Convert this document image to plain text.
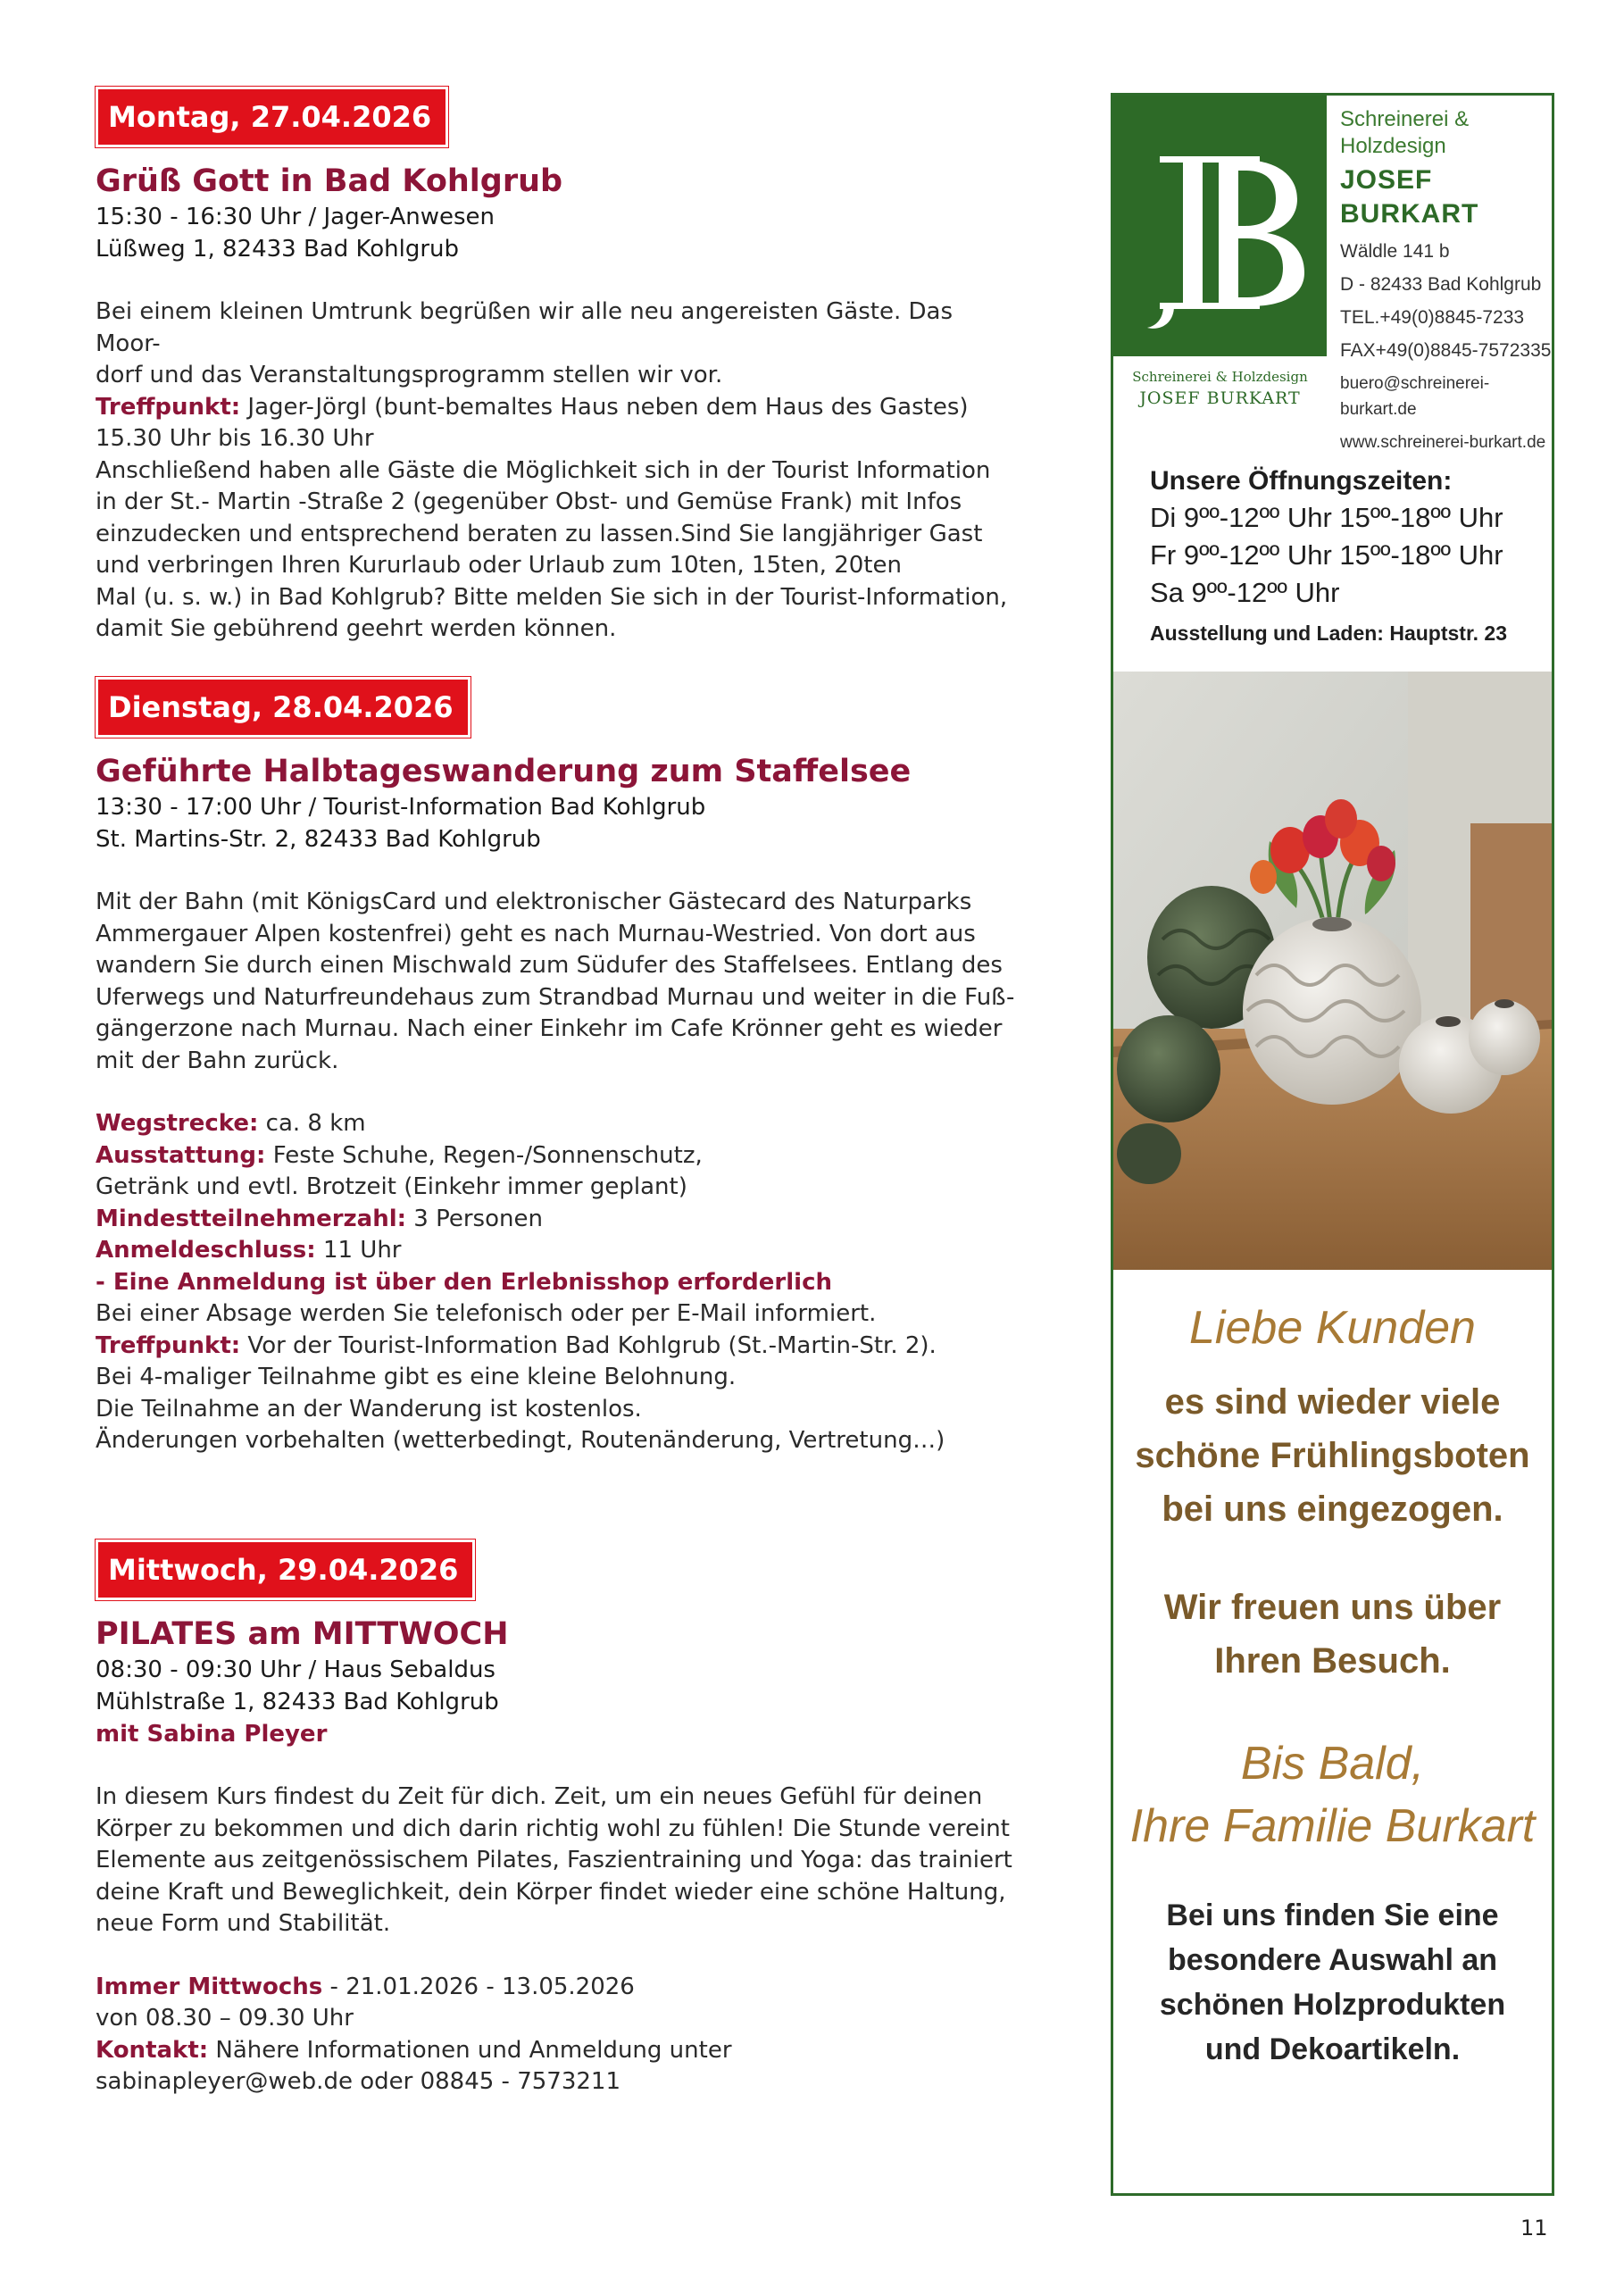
Montag, 27.04.2026
Grüß Gott in Bad Kohlgrub
15:30 - 16:30 Uhr / Jager-Anwesen
Lüßweg 1, 82433 Bad Kohlgrub
Bei einem kleinen Umtrunk begrüßen wir alle neu angereisten Gäste. Das Moor-
dorf und das Veranstaltungsprogramm stellen wir vor.
Treffpunkt: Jager-Jörgl (bunt-bemaltes Haus neben dem Haus des Gastes)
15.30 Uhr bis 16.30 Uhr
Anschließend haben alle Gäste die Möglichkeit sich in der Tourist Information
in der St.- Martin -Straße 2 (gegenüber Obst- und Gemüse Frank) mit Infos
einzudecken und entsprechend beraten zu lassen.Sind Sie langjähriger Gast
und verbringen Ihren Kururlaub oder Urlaub zum 10ten, 15ten, 20ten
Mal (u. s. w.) in Bad Kohlgrub? Bitte melden Sie sich in der Tourist-Information,
damit Sie gebührend geehrt werden können.
Dienstag, 28.04.2026
Geführte Halbtageswanderung zum Staffelsee
13:30 - 17:00 Uhr / Tourist-Information Bad Kohlgrub
St. Martins-Str. 2, 82433 Bad Kohlgrub
Mit der Bahn (mit KönigsCard und elektronischer Gästecard des Naturparks
Ammergauer Alpen kostenfrei) geht es nach Murnau-Westried. Von dort aus
wandern Sie durch einen Mischwald zum Südufer des Staffelsees. Entlang des
Uferwegs und Naturfreundehaus zum Strandbad Murnau und weiter in die Fuß-
gängerzone nach Murnau. Nach einer Einkehr im Cafe Krönner geht es wieder
mit der Bahn zurück.
Wegstrecke: ca. 8 km
Ausstattung: Feste Schuhe, Regen-/Sonnenschutz,
Getränk und evtl. Brotzeit (Einkehr immer geplant)
Mindestteilnehmerzahl: 3 Personen
Anmeldeschluss: 11 Uhr
- Eine Anmeldung ist über den Erlebnisshop erforderlich
Bei einer Absage werden Sie telefonisch oder per E-Mail informiert.
Treffpunkt: Vor der Tourist-Information Bad Kohlgrub (St.-Martin-Str. 2).
Bei 4-maliger Teilnahme gibt es eine kleine Belohnung.
Die Teilnahme an der Wanderung ist kostenlos.
Änderungen vorbehalten (wetterbedingt, Routenänderung, Vertretung…)
Mittwoch, 29.04.2026
PILATES am MITTWOCH
08:30 - 09:30 Uhr / Haus Sebaldus
Mühlstraße 1, 82433 Bad Kohlgrub
mit Sabina Pleyer
In diesem Kurs findest du Zeit für dich. Zeit, um ein neues Gefühl für deinen
Körper zu bekommen und dich darin richtig wohl zu fühlen! Die Stunde vereint
Elemente aus zeitgenössischem Pilates, Faszientraining und Yoga: das trainiert
deine Kraft und Beweglichkeit, dein Körper findet wieder eine schöne Haltung,
neue Form und Stabilität.
Immer Mittwochs - 21.01.2026 - 13.05.2026
von 08.30 – 09.30 Uhr
Kontakt: Nähere Informationen und Anmeldung unter
sabinapleyer@web.de oder 08845 - 7573211
Schreinerei & Holzdesign
JOSEF BURKART
Schreinerei & Holzdesign
JOSEF BURKART
Wäldle 141 b
D - 82433 Bad Kohlgrub
TEL.+49(0)8845-7233
FAX+49(0)8845-7572335
buero@schreinerei-burkart.de
www.schreinerei-burkart.de
Unsere Öffnungszeiten:
Di 9ºº-12ºº Uhr 15ºº-18ºº Uhr
Fr 9ºº-12ºº Uhr 15ºº-18ºº Uhr
Sa 9ºº-12ºº Uhr
Ausstellung und Laden: Hauptstr. 23
Liebe Kunden
es sind wieder viele
schöne Frühlingsboten
bei uns eingezogen.
Wir freuen uns über
Ihren Besuch.
Bis Bald,
Ihre Familie Burkart
Bei uns finden Sie eine
besondere Auswahl an
schönen Holzprodukten
und Dekoartikeln.
11
